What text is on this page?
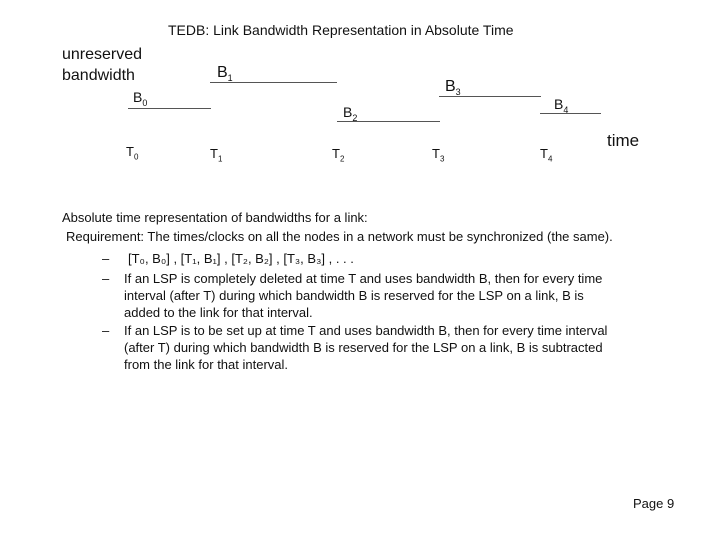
TEDB: Link Bandwidth Representation in Absolute Time
unreserved
bandwidth
$B_0$
$B_1$
$B_2$
$B_3$
$B_4$
$T_0$	$T_1$	$T_2$	$T_3$	$T_4$
time
Absolute time representation of bandwidths for a link:
Requirement: The times/clocks on all the nodes in a network must be synchronized (the same).
– [T₀, B₀] , [T₁, B₁] , [T₂, B₂] , [T₃, B₃] , . . .
– If an LSP is completely deleted at time T and uses bandwidth B, then for every time
interval (after T) during which bandwidth B is reserved for the LSP on a link, B is
added to the link for that interval.
– If an LSP is to be set up at time T and uses bandwidth B, then for every time interval
(after T) during which bandwidth B is reserved for the LSP on a link, B is subtracted
from the link for that interval.
Page 9
